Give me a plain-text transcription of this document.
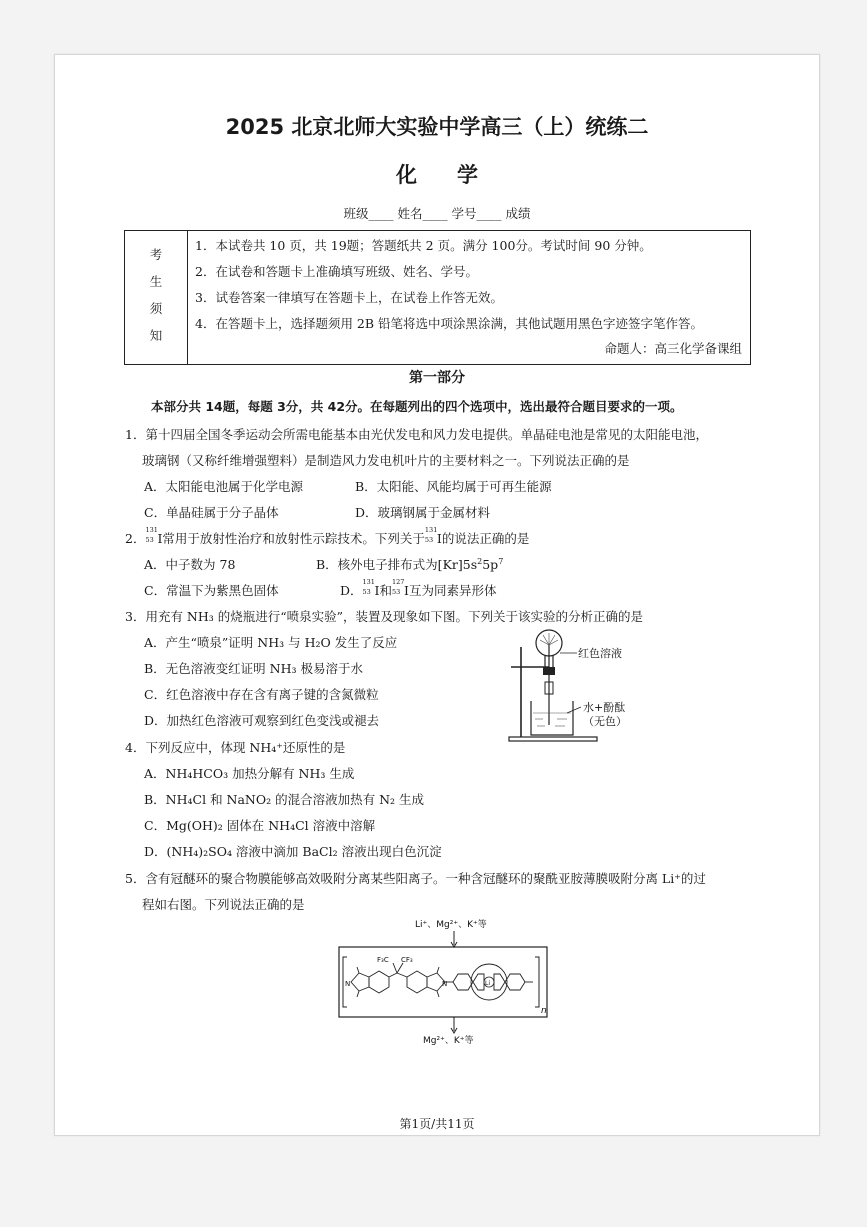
2025 北京北师大实验中学高三（上）统练二
化学
班级____ 姓名____ 学号____ 成绩
考
生
须
知
1．本试卷共 10 页，共 19题；答题纸共 2 页。满分 100分。考试时间 90 分钟。
2．在试卷和答题卡上准确填写班级、姓名、学号。
3．试卷答案一律填写在答题卡上，在试卷上作答无效。
4．在答题卡上，选择题须用 2B 铅笔将选中项涂黑涂满，其他试题用黑色字迹签字笔作答。
命题人：高三化学备课组
第一部分
本部分共 14题，每题 3分，共 42分。在每题列出的四个选项中，选出最符合题目要求的一项。
1．第十四届全国冬季运动会所需电能基本由光伏发电和风力发电提供。单晶硅电池是常见的太阳能电池，
玻璃钢（又称纤维增强塑料）是制造风力发电机叶片的主要材料之一。下列说法正确的是
A．太阳能电池属于化学电源	B．太阳能、风能均属于可再生能源
C．单晶硅属于分子晶体	D．玻璃钢属于金属材料
2．
131
53 I常用于放射性治疗和放射性示踪技术。下列关于
131
53 I的说法正确的是
A．中子数为 78	B．核外电子排布式为$[Kr]5s^25p^7$
C．常温下为紫黑色固体	D．
131
53 I和
127
53 I互为同素异形体
3．用充有 NH₃ 的烧瓶进行“喷泉实验”，装置及现象如下图。下列关于该实验的分析正确的是
A．产生“喷泉”证明 NH₃ 与 H₂O 发生了反应
B．无色溶液变红证明 NH₃ 极易溶于水
C．红色溶液中存在含有离子键的含氮微粒
D．加热红色溶液可观察到红色变浅或褪去
红色溶液
水+酚酞
（无色）
4．下列反应中，体现 NH₄⁺还原性的是
A．NH₄HCO₃ 加热分解有 NH₃ 生成
B．NH₄Cl 和 NaNO₂ 的混合溶液加热有 N₂ 生成
C．Mg(OH)₂ 固体在 NH₄Cl 溶液中溶解
D．(NH₄)₂SO₄ 溶液中滴加 BaCl₂ 溶液出现白色沉淀
5．含有冠醚环的聚合物膜能够高效吸附分离某些阳离子。一种含冠醚环的聚酰亚胺薄膜吸附分离 Li⁺的过
程如右图。下列说法正确的是
Li⁺、Mg²⁺、K⁺等
n
N	N
F₃C CF₃
Li
Mg²⁺、K⁺等
第1页/共11页
